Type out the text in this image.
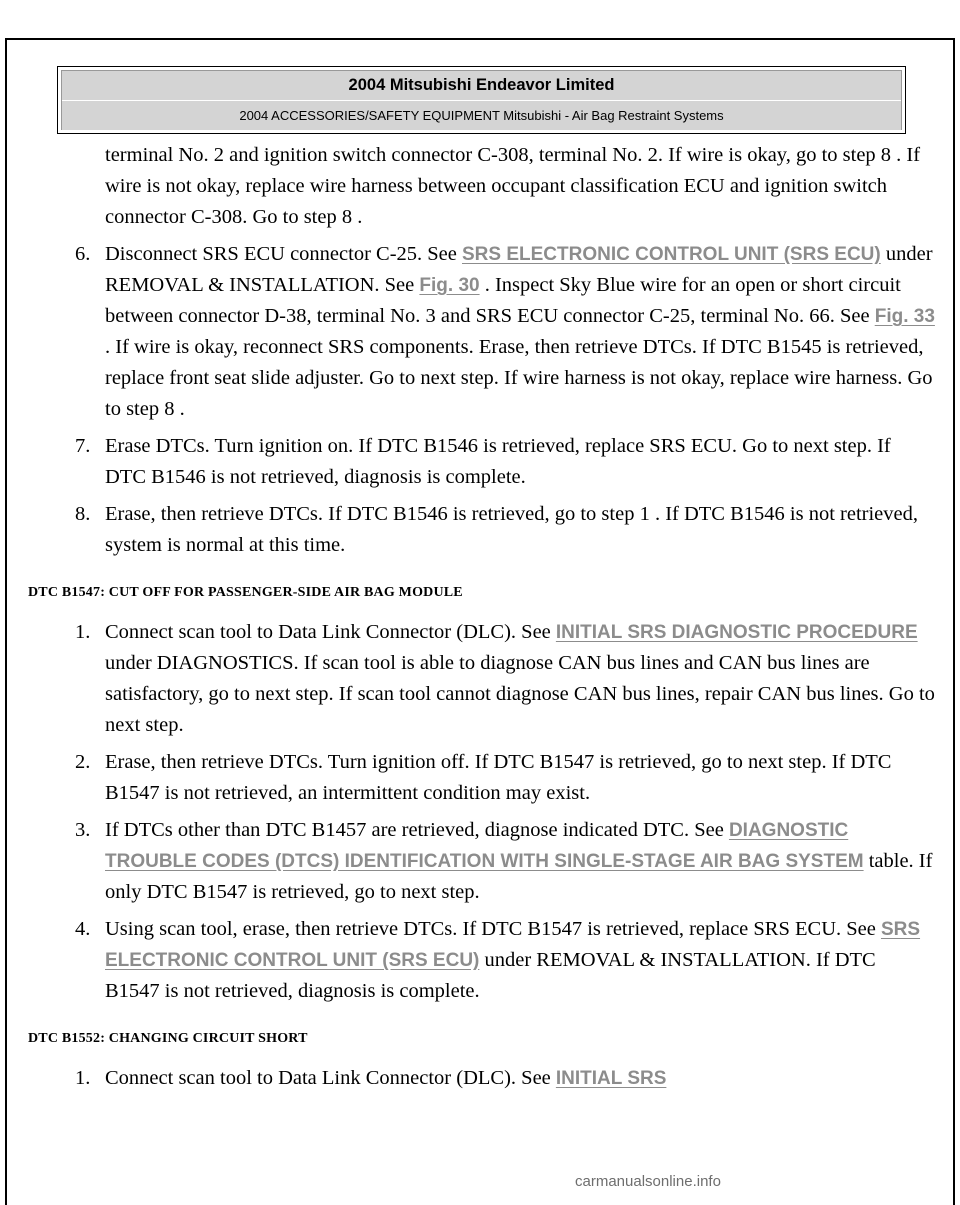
2004 Mitsubishi Endeavor Limited
2004 ACCESSORIES/SAFETY EQUIPMENT Mitsubishi - Air Bag Restraint Systems
terminal No. 2 and ignition switch connector C-308, terminal No. 2. If wire is okay, go to step 8 . If wire is not okay, replace wire harness between occupant classification ECU and ignition switch connector C-308. Go to step 8 .
6. Disconnect SRS ECU connector C-25. See SRS ELECTRONIC CONTROL UNIT (SRS ECU) under REMOVAL & INSTALLATION. See Fig. 30 . Inspect Sky Blue wire for an open or short circuit between connector D-38, terminal No. 3 and SRS ECU connector C-25, terminal No. 66. See Fig. 33 . If wire is okay, reconnect SRS components. Erase, then retrieve DTCs. If DTC B1545 is retrieved, replace front seat slide adjuster. Go to next step. If wire harness is not okay, replace wire harness. Go to step 8 .
7. Erase DTCs. Turn ignition on. If DTC B1546 is retrieved, replace SRS ECU. Go to next step. If DTC B1546 is not retrieved, diagnosis is complete.
8. Erase, then retrieve DTCs. If DTC B1546 is retrieved, go to step 1 . If DTC B1546 is not retrieved, system is normal at this time.
DTC B1547: CUT OFF FOR PASSENGER-SIDE AIR BAG MODULE
1. Connect scan tool to Data Link Connector (DLC). See INITIAL SRS DIAGNOSTIC PROCEDURE under DIAGNOSTICS. If scan tool is able to diagnose CAN bus lines and CAN bus lines are satisfactory, go to next step. If scan tool cannot diagnose CAN bus lines, repair CAN bus lines. Go to next step.
2. Erase, then retrieve DTCs. Turn ignition off. If DTC B1547 is retrieved, go to next step. If DTC B1547 is not retrieved, an intermittent condition may exist.
3. If DTCs other than DTC B1457 are retrieved, diagnose indicated DTC. See DIAGNOSTIC TROUBLE CODES (DTCS) IDENTIFICATION WITH SINGLE-STAGE AIR BAG SYSTEM table. If only DTC B1547 is retrieved, go to next step.
4. Using scan tool, erase, then retrieve DTCs. If DTC B1547 is retrieved, replace SRS ECU. See SRS ELECTRONIC CONTROL UNIT (SRS ECU) under REMOVAL & INSTALLATION. If DTC B1547 is not retrieved, diagnosis is complete.
DTC B1552: CHANGING CIRCUIT SHORT
1. Connect scan tool to Data Link Connector (DLC). See INITIAL SRS
carmanualsonline.info
